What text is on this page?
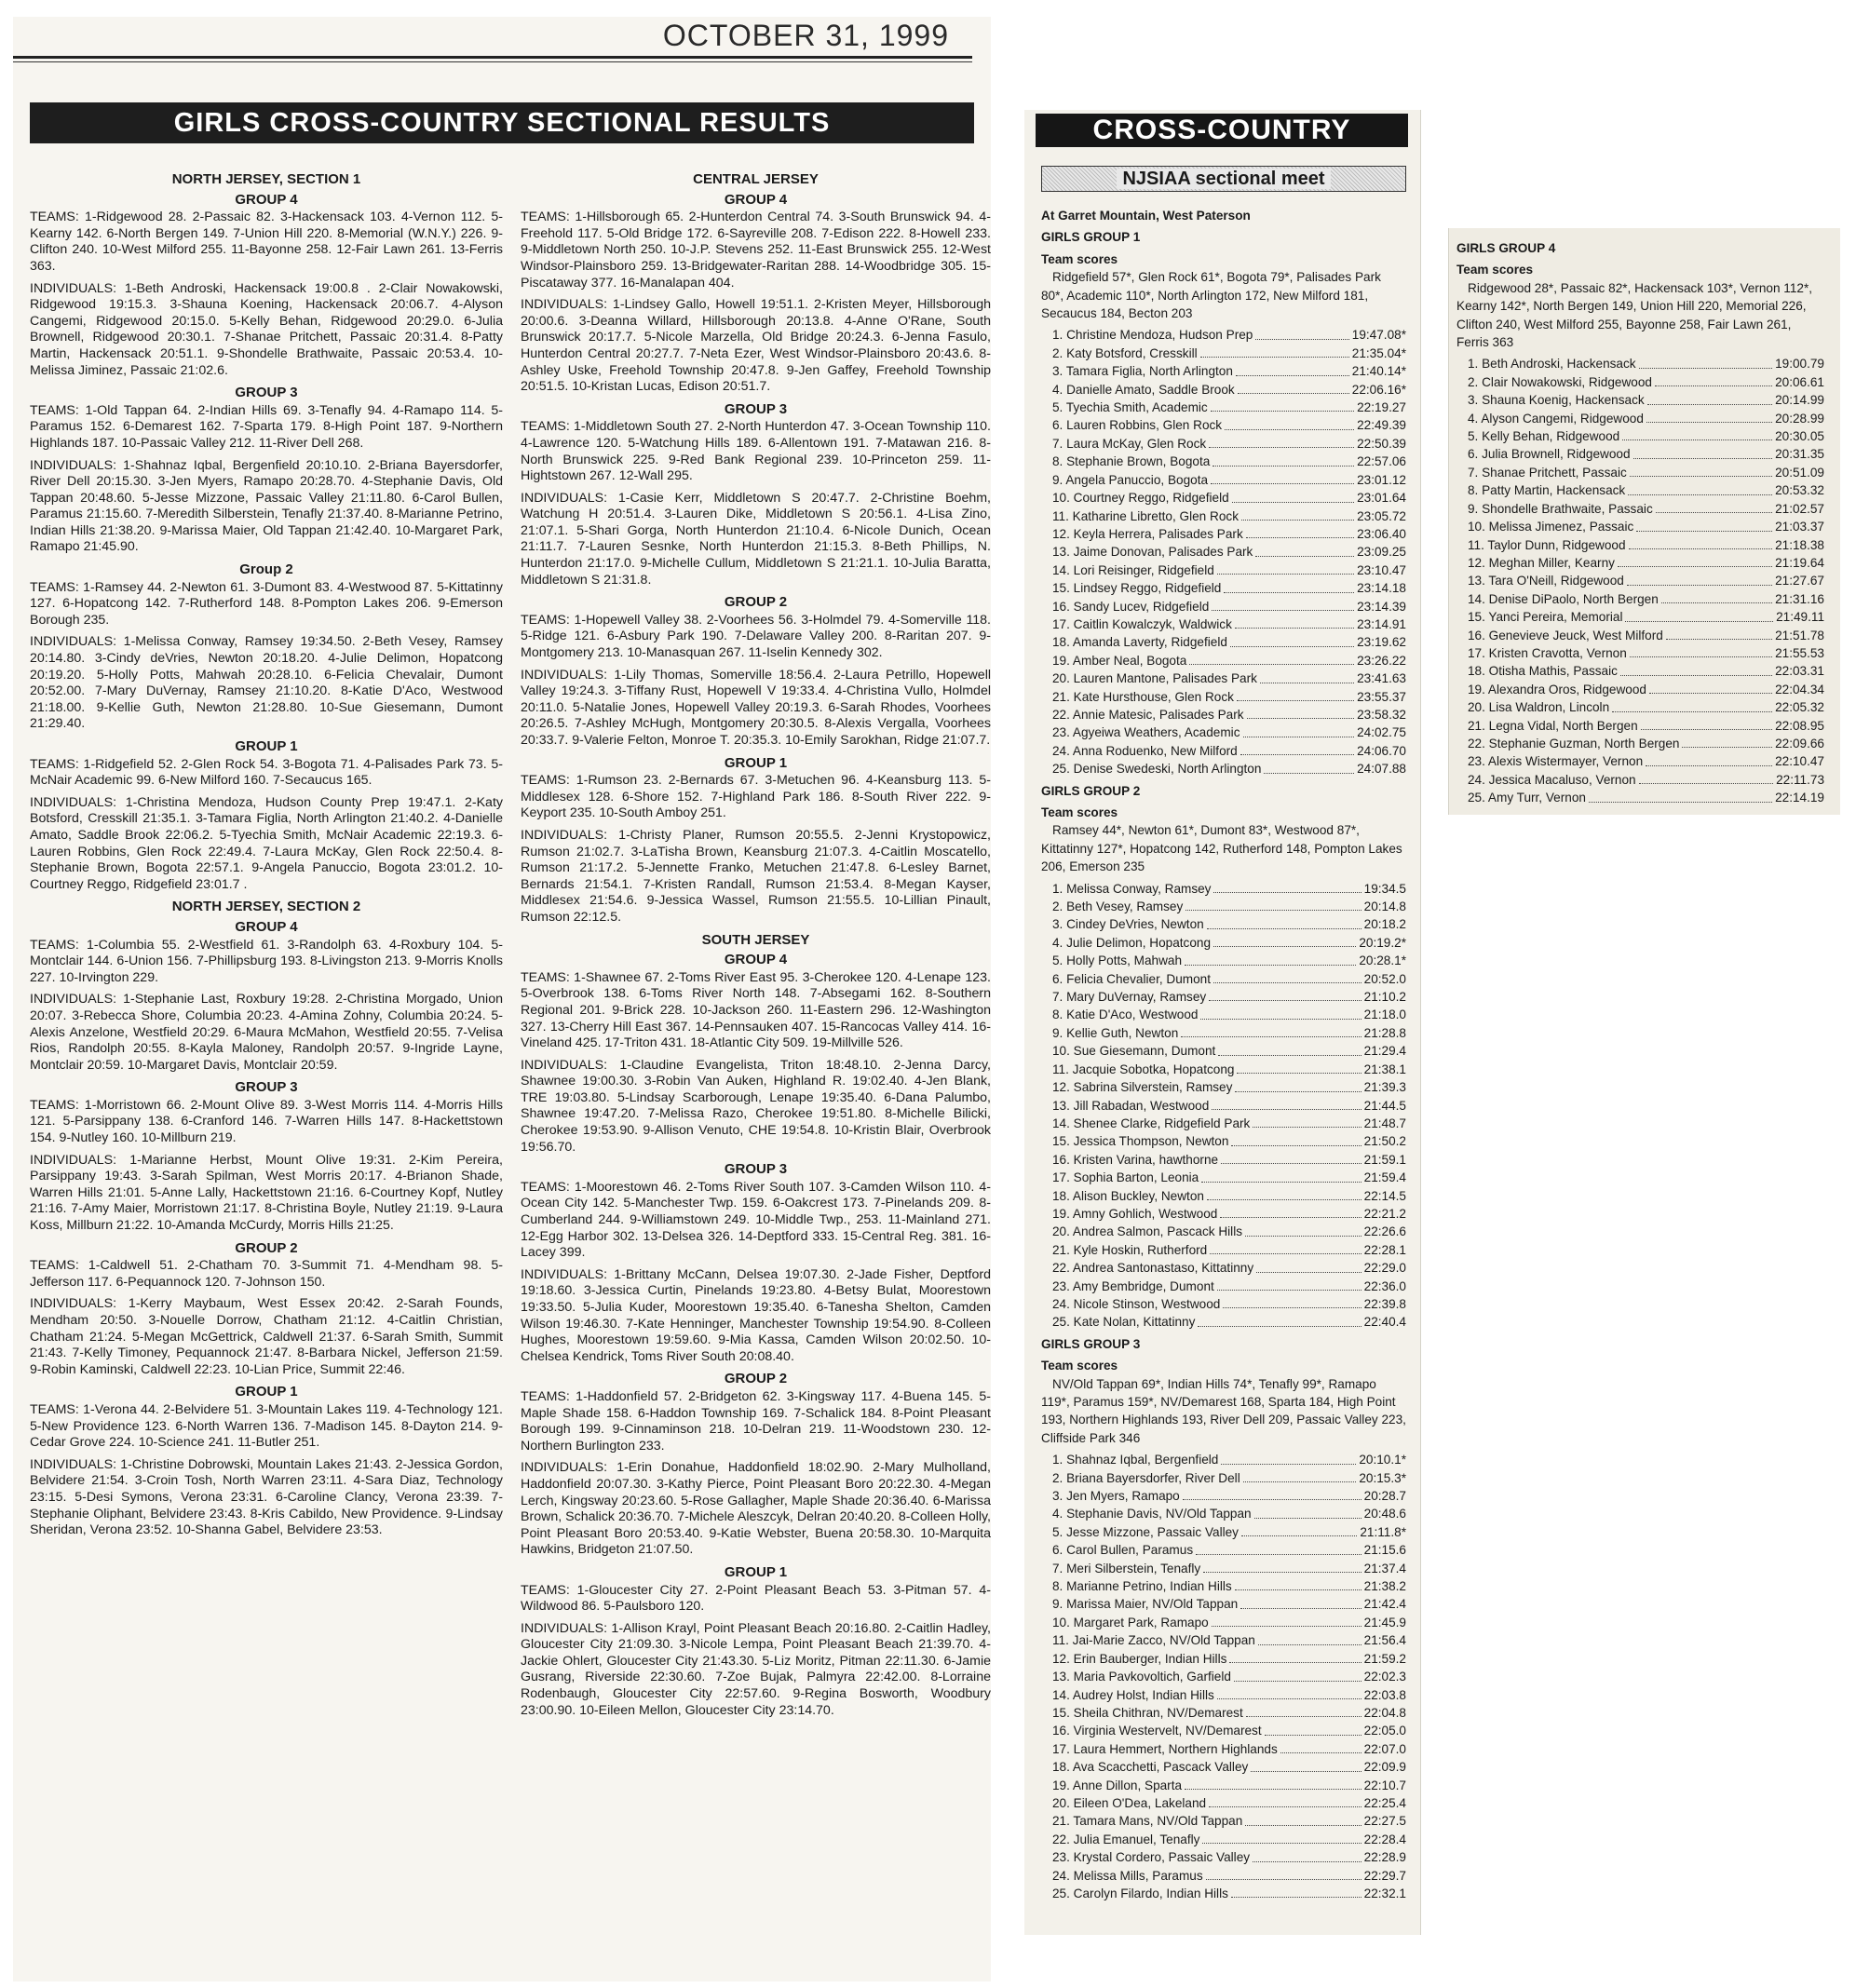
OCTOBER 31, 1999
GIRLS CROSS-COUNTRY SECTIONAL RESULTS
NORTH JERSEY, SECTION 1
GROUP 4
TEAMS: 1-Ridgewood 28. 2-Passaic 82. 3-Hackensack 103. 4-Vernon 112. 5-Kearny 142. 6-North Bergen 149. 7-Union Hill 220. 8-Memorial (W.N.Y.) 226. 9-Clifton 240. 10-West Milford 255. 11-Bayonne 258. 12-Fair Lawn 261. 13-Ferris 363.
INDIVIDUALS: 1-Beth Androski, Hackensack 19:00.8 . 2-Clair Nowakowski, Ridgewood 19:15.3. 3-Shauna Koening, Hackensack 20:06.7. 4-Alyson Cangemi, Ridgewood 20:15.0. 5-Kelly Behan, Ridgewood 20:29.0. 6-Julia Brownell, Ridgewood 20:30.1. 7-Shanae Pritchett, Passaic 20:31.4. 8-Patty Martin, Hackensack 20:51.1. 9-Shondelle Brathwaite, Passaic 20:53.4. 10-Melissa Jiminez, Passaic 21:02.6.
GROUP 3
TEAMS: 1-Old Tappan 64. 2-Indian Hills 69. 3-Tenafly 94. 4-Ramapo 114. 5-Paramus 152. 6-Demarest 162. 7-Sparta 179. 8-High Point 187. 9-Northern Highlands 187. 10-Passaic Valley 212. 11-River Dell 268.
INDIVIDUALS: 1-Shahnaz Iqbal, Bergenfield 20:10.10. 2-Briana Bayersdorfer, River Dell 20:15.30. 3-Jen Myers, Ramapo 20:28.70. 4-Stephanie Davis, Old Tappan 20:48.60. 5-Jesse Mizzone, Passaic Valley 21:11.80. 6-Carol Bullen, Paramus 21:15.60. 7-Meredith Silberstein, Tenafly 21:37.40. 8-Marianne Petrino, Indian Hills 21:38.20. 9-Marissa Maier, Old Tappan 21:42.40. 10-Margaret Park, Ramapo 21:45.90.
Group 2
TEAMS: 1-Ramsey 44. 2-Newton 61. 3-Dumont 83. 4-Westwood 87. 5-Kittatinny 127. 6-Hopatcong 142. 7-Rutherford 148. 8-Pompton Lakes 206. 9-Emerson Borough 235.
INDIVIDUALS: 1-Melissa Conway, Ramsey 19:34.50. 2-Beth Vesey, Ramsey 20:14.80. 3-Cindy deVries, Newton 20:18.20. 4-Julie Delimon, Hopatcong 20:19.20. 5-Holly Potts, Mahwah 20:28.10. 6-Felicia Chevalair, Dumont 20:52.00. 7-Mary DuVernay, Ramsey 21:10.20. 8-Katie D'Aco, Westwood 21:18.00. 9-Kellie Guth, Newton 21:28.80. 10-Sue Giesemann, Dumont 21:29.40.
GROUP 1
TEAMS: 1-Ridgefield 52. 2-Glen Rock 54. 3-Bogota 71. 4-Palisades Park 73. 5-McNair Academic 99. 6-New Milford 160. 7-Secaucus 165.
INDIVIDUALS: 1-Christina Mendoza, Hudson County Prep 19:47.1. 2-Katy Botsford, Cresskill 21:35.1. 3-Tamara Figlia, North Arlington 21:40.2. 4-Danielle Amato, Saddle Brook 22:06.2. 5-Tyechia Smith, McNair Academic 22:19.3. 6-Lauren Robbins, Glen Rock 22:49.4. 7-Laura McKay, Glen Rock 22:50.4. 8-Stephanie Brown, Bogota 22:57.1. 9-Angela Panuccio, Bogota 23:01.2. 10-Courtney Reggo, Ridgefield 23:01.7 .
NORTH JERSEY, SECTION 2
GROUP 4
TEAMS: 1-Columbia 55. 2-Westfield 61. 3-Randolph 63. 4-Roxbury 104. 5-Montclair 144. 6-Union 156. 7-Phillipsburg 193. 8-Livingston 213. 9-Morris Knolls 227. 10-Irvington 229.
INDIVIDUALS: 1-Stephanie Last, Roxbury 19:28. 2-Christina Morgado, Union 20:07. 3-Rebecca Shore, Columbia 20:23. 4-Amina Zohny, Columbia 20:24. 5-Alexis Anzelone, Westfield 20:29. 6-Maura McMahon, Westfield 20:55. 7-Velisa Rios, Randolph 20:55. 8-Kayla Maloney, Randolph 20:57. 9-Ingride Layne, Montclair 20:59. 10-Margaret Davis, Montclair 20:59.
GROUP 3
TEAMS: 1-Morristown 66. 2-Mount Olive 89. 3-West Morris 114. 4-Morris Hills 121. 5-Parsippany 138. 6-Cranford 146. 7-Warren Hills 147. 8-Hackettstown 154. 9-Nutley 160. 10-Millburn 219.
INDIVIDUALS: 1-Marianne Herbst, Mount Olive 19:31. 2-Kim Pereira, Parsippany 19:43. 3-Sarah Spilman, West Morris 20:17. 4-Brianon Shade, Warren Hills 21:01. 5-Anne Lally, Hackettstown 21:16. 6-Courtney Kopf, Nutley 21:16. 7-Amy Maier, Morristown 21:17. 8-Christina Boyle, Nutley 21:19. 9-Laura Koss, Millburn 21:22. 10-Amanda McCurdy, Morris Hills 21:25.
GROUP 2
TEAMS: 1-Caldwell 51. 2-Chatham 70. 3-Summit 71. 4-Mendham 98. 5-Jefferson 117. 6-Pequannock 120. 7-Johnson 150.
INDIVIDUALS: 1-Kerry Maybaum, West Essex 20:42. 2-Sarah Founds, Mendham 20:50. 3-Nouelle Dorrow, Chatham 21:12. 4-Caitlin Christian, Chatham 21:24. 5-Megan McGettrick, Caldwell 21:37. 6-Sarah Smith, Summit 21:43. 7-Kelly Timoney, Pequannock 21:47. 8-Barbara Nickel, Jefferson 21:59. 9-Robin Kaminski, Caldwell 22:23. 10-Lian Price, Summit 22:46.
GROUP 1
TEAMS: 1-Verona 44. 2-Belvidere 51. 3-Mountain Lakes 119. 4-Technology 121. 5-New Providence 123. 6-North Warren 136. 7-Madison 145. 8-Dayton 214. 9-Cedar Grove 224. 10-Science 241. 11-Butler 251.
INDIVIDUALS: 1-Christine Dobrowski, Mountain Lakes 21:43. 2-Jessica Gordon, Belvidere 21:54. 3-Croin Tosh, North Warren 23:11. 4-Sara Diaz, Technology 23:15. 5-Desi Symons, Verona 23:31. 6-Caroline Clancy, Verona 23:39. 7-Stephanie Oliphant, Belvidere 23:43. 8-Kris Cabildo, New Providence. 9-Lindsay Sheridan, Verona 23:52. 10-Shanna Gabel, Belvidere 23:53.
CENTRAL JERSEY
GROUP 4
TEAMS: 1-Hillsborough 65. 2-Hunterdon Central 74. 3-South Brunswick 94. 4-Freehold 117. 5-Old Bridge 172. 6-Sayreville 208. 7-Edison 222. 8-Howell 233. 9-Middletown North 250. 10-J.P. Stevens 252. 11-East Brunswick 255. 12-West Windsor-Plainsboro 259. 13-Bridgewater-Raritan 288. 14-Woodbridge 305. 15-Piscataway 377. 16-Manalapan 404.
INDIVIDUALS: 1-Lindsey Gallo, Howell 19:51.1. 2-Kristen Meyer, Hillsborough 20:00.6. 3-Deanna Willard, Hillsborough 20:13.8. 4-Anne O'Rane, South Brunswick 20:17.7. 5-Nicole Marzella, Old Bridge 20:24.3. 6-Jenna Fasulo, Hunterdon Central 20:27.7. 7-Neta Ezer, West Windsor-Plainsboro 20:43.6. 8-Ashley Uske, Freehold Township 20:47.8. 9-Jen Gaffey, Freehold Township 20:51.5. 10-Kristan Lucas, Edison 20:51.7.
GROUP 3
TEAMS: 1-Middletown South 27. 2-North Hunterdon 47. 3-Ocean Township 110. 4-Lawrence 120. 5-Watchung Hills 189. 6-Allentown 191. 7-Matawan 216. 8-North Brunswick 225. 9-Red Bank Regional 239. 10-Princeton 259. 11-Hightstown 267. 12-Wall 295.
INDIVIDUALS: 1-Casie Kerr, Middletown S 20:47.7. 2-Christine Boehm, Watchung H 20:51.4. 3-Lauren Dike, Middletown S 20:56.1. 4-Lisa Zino, 21:07.1. 5-Shari Gorga, North Hunterdon 21:10.4. 6-Nicole Dunich, Ocean 21:11.7. 7-Lauren Sesnke, North Hunterdon 21:15.3. 8-Beth Phillips, N. Hunterdon 21:17.0. 9-Michelle Cullum, Middletown S 21:21.1. 10-Julia Baratta, Middletown S 21:31.8.
GROUP 2
TEAMS: 1-Hopewell Valley 38. 2-Voorhees 56. 3-Holmdel 79. 4-Somerville 118. 5-Ridge 121. 6-Asbury Park 190. 7-Delaware Valley 200. 8-Raritan 207. 9-Montgomery 213. 10-Manasquan 267. 11-Iselin Kennedy 302.
INDIVIDUALS: 1-Lily Thomas, Somerville 18:56.4. 2-Laura Petrillo, Hopewell Valley 19:24.3. 3-Tiffany Rust, Hopewell V 19:33.4. 4-Christina Vullo, Holmdel 20:11.0. 5-Natalie Jones, Hopewell Valley 20:19.3. 6-Sarah Rhodes, Voorhees 20:26.5. 7-Ashley McHugh, Montgomery 20:30.5. 8-Alexis Vergalla, Voorhees 20:33.7. 9-Valerie Felton, Monroe T. 20:35.3. 10-Emily Sarokhan, Ridge 21:07.7.
GROUP 1
TEAMS: 1-Rumson 23. 2-Bernards 67. 3-Metuchen 96. 4-Keansburg 113. 5-Middlesex 128. 6-Shore 152. 7-Highland Park 186. 8-South River 222. 9-Keyport 235. 10-South Amboy 251.
INDIVIDUALS: 1-Christy Planer, Rumson 20:55.5. 2-Jenni Krystopowicz, Rumson 21:02.7. 3-LaTisha Brown, Keansburg 21:07.3. 4-Caitlin Moscatello, Rumson 21:17.2. 5-Jennette Franko, Metuchen 21:47.8. 6-Lesley Barnet, Bernards 21:54.1. 7-Kristen Randall, Rumson 21:53.4. 8-Megan Kayser, Middlesex 21:54.6. 9-Jessica Wassel, Rumson 21:55.5. 10-Lillian Pinault, Rumson 22:12.5.
SOUTH JERSEY
GROUP 4
TEAMS: 1-Shawnee 67. 2-Toms River East 95. 3-Cherokee 120. 4-Lenape 123. 5-Overbrook 138. 6-Toms River North 148. 7-Absegami 162. 8-Southern Regional 201. 9-Brick 228. 10-Jackson 260. 11-Eastern 296. 12-Washington 327. 13-Cherry Hill East 367. 14-Pennsauken 407. 15-Rancocas Valley 414. 16-Vineland 425. 17-Triton 431. 18-Atlantic City 509. 19-Millville 526.
INDIVIDUALS: 1-Claudine Evangelista, Triton 18:48.10. 2-Jenna Darcy, Shawnee 19:00.30. 3-Robin Van Auken, Highland R. 19:02.40. 4-Jen Blank, TRE 19:03.80. 5-Lindsay Scarborough, Lenape 19:35.40. 6-Dana Palumbo, Shawnee 19:47.20. 7-Melissa Razo, Cherokee 19:51.80. 8-Michelle Bilicki, Cherokee 19:53.90. 9-Allison Venuto, CHE 19:54.8. 10-Kristin Blair, Overbrook 19:56.70.
GROUP 3
TEAMS: 1-Moorestown 46. 2-Toms River South 107. 3-Camden Wilson 110. 4-Ocean City 142. 5-Manchester Twp. 159. 6-Oakcrest 173. 7-Pinelands 209. 8-Cumberland 244. 9-Williamstown 249. 10-Middle Twp., 253. 11-Mainland 271. 12-Egg Harbor 302. 13-Delsea 326. 14-Deptford 333. 15-Central Reg. 381. 16-Lacey 399.
INDIVIDUALS: 1-Brittany McCann, Delsea 19:07.30. 2-Jade Fisher, Deptford 19:18.60. 3-Jessica Curtin, Pinelands 19:23.80. 4-Betsy Bulat, Moorestown 19:33.50. 5-Julia Kuder, Moorestown 19:35.40. 6-Tanesha Shelton, Camden Wilson 19:46.30. 7-Kate Henninger, Manchester Township 19:54.90. 8-Colleen Hughes, Moorestown 19:59.60. 9-Mia Kassa, Camden Wilson 20:02.50. 10-Chelsea Kendrick, Toms River South 20:08.40.
GROUP 2
TEAMS: 1-Haddonfield 57. 2-Bridgeton 62. 3-Kingsway 117. 4-Buena 145. 5-Maple Shade 158. 6-Haddon Township 169. 7-Schalick 184. 8-Point Pleasant Borough 199. 9-Cinnaminson 218. 10-Delran 219. 11-Woodstown 230. 12-Northern Burlington 233.
INDIVIDUALS: 1-Erin Donahue, Haddonfield 18:02.90. 2-Mary Mulholland, Haddonfield 20:07.30. 3-Kathy Pierce, Point Pleasant Boro 20:22.30. 4-Megan Lerch, Kingsway 20:23.60. 5-Rose Gallagher, Maple Shade 20:36.40. 6-Marissa Brown, Schalick 20:36.70. 7-Michele Aleszcyk, Delran 20:40.20. 8-Colleen Holly, Point Pleasant Boro 20:53.40. 9-Katie Webster, Buena 20:58.30. 10-Marquita Hawkins, Bridgeton 21:07.50.
GROUP 1
TEAMS: 1-Gloucester City 27. 2-Point Pleasant Beach 53. 3-Pitman 57. 4-Wildwood 86. 5-Paulsboro 120.
INDIVIDUALS: 1-Allison Krayl, Point Pleasant Beach 20:16.80. 2-Caitlin Hadley, Gloucester City 21:09.30. 3-Nicole Lempa, Point Pleasant Beach 21:39.70. 4-Jackie Ohlert, Gloucester City 21:43.30. 5-Liz Moritz, Pitman 22:11.30. 6-Jamie Gusrang, Riverside 22:30.60. 7-Zoe Bujak, Palmyra 22:42.00. 8-Lorraine Rodenbaugh, Gloucester City 22:57.60. 9-Regina Bosworth, Woodbury 23:00.90. 10-Eileen Mellon, Gloucester City 23:14.70.
CROSS-COUNTRY
NJSIAA sectional meet
At Garret Mountain, West Paterson
GIRLS GROUP 1
Team scores
Ridgefield 57*, Glen Rock 61*, Bogota 79*, Palisades Park 80*, Academic 110*, North Arlington 172, New Milford 181, Secaucus 184, Becton 203
1. Christine Mendoza, Hudson Prep	19:47.08*
2. Katy Botsford, Cresskill	21:35.04*
3. Tamara Figlia, North Arlington	21:40.14*
4. Danielle Amato, Saddle Brook	22:06.16*
5. Tyechia Smith, Academic	22:19.27
6. Lauren Robbins, Glen Rock	22:49.39
7. Laura McKay, Glen Rock	22:50.39
8. Stephanie Brown, Bogota	22:57.06
9. Angela Panuccio, Bogota	23:01.12
10. Courtney Reggo, Ridgefield	23:01.64
11. Katharine Libretto, Glen Rock	23:05.72
12. Keyla Herrera, Palisades Park	23:06.40
13. Jaime Donovan, Palisades Park	23:09.25
14. Lori Reisinger, Ridgefield	23:10.47
15. Lindsey Reggo, Ridgefield	23:14.18
16. Sandy Lucev, Ridgefield	23:14.39
17. Caitlin Kowalczyk, Waldwick	23:14.91
18. Amanda Laverty, Ridgefield	23:19.62
19. Amber Neal, Bogota	23:26.22
20. Lauren Mantone, Palisades Park	23:41.63
21. Kate Hursthouse, Glen Rock	23:55.37
22. Annie Matesic, Palisades Park	23:58.32
23. Agyeiwa Weathers, Academic	24:02.75
24. Anna Roduenko, New Milford	24:06.70
25. Denise Swedeski, North Arlington	24:07.88
GIRLS GROUP 2
Team scores
Ramsey 44*, Newton 61*, Dumont 83*, Westwood 87*, Kittatinny 127*, Hopatcong 142, Rutherford 148, Pompton Lakes 206, Emerson 235
1. Melissa Conway, Ramsey	19:34.5
2. Beth Vesey, Ramsey	20:14.8
3. Cindey DeVries, Newton	20:18.2
4. Julie Delimon, Hopatcong	20:19.2*
5. Holly Potts, Mahwah	20:28.1*
6. Felicia Chevalier, Dumont	20:52.0
7. Mary DuVernay, Ramsey	21:10.2
8. Katie D'Aco, Westwood	21:18.0
9. Kellie Guth, Newton	21:28.8
10. Sue Giesemann, Dumont	21:29.4
11. Jacquie Sobotka, Hopatcong	21:38.1
12. Sabrina Silverstein, Ramsey	21:39.3
13. Jill Rabadan, Westwood	21:44.5
14. Shenee Clarke, Ridgefield Park	21:48.7
15. Jessica Thompson, Newton	21:50.2
16. Kristen Varina, hawthorne	21:59.1
17. Sophia Barton, Leonia	21:59.4
18. Alison Buckley, Newton	22:14.5
19. Amny Gohlich, Westwood	22:21.2
20. Andrea Salmon, Pascack Hills	22:26.6
21. Kyle Hoskin, Rutherford	22:28.1
22. Andrea Santonastaso, Kittatinny	22:29.0
23. Amy Bembridge, Dumont	22:36.0
24. Nicole Stinson, Westwood	22:39.8
25. Kate Nolan, Kittatinny	22:40.4
GIRLS GROUP 3
Team scores
NV/Old Tappan 69*, Indian Hills 74*, Tenafly 99*, Ramapo 119*, Paramus 159*, NV/Demarest 168, Sparta 184, High Point 193, Northern Highlands 193, River Dell 209, Passaic Valley 223, Cliffside Park 346
1. Shahnaz Iqbal, Bergenfield	20:10.1*
2. Briana Bayersdorfer, River Dell	20:15.3*
3. Jen Myers, Ramapo	20:28.7
4. Stephanie Davis, NV/Old Tappan	20:48.6
5. Jesse Mizzone, Passaic Valley	21:11.8*
6. Carol Bullen, Paramus	21:15.6
7. Meri Silberstein, Tenafly	21:37.4
8. Marianne Petrino, Indian Hills	21:38.2
9. Marissa Maier, NV/Old Tappan	21:42.4
10. Margaret Park, Ramapo	21:45.9
11. Jai-Marie Zacco, NV/Old Tappan	21:56.4
12. Erin Bauberger, Indian Hills	21:59.2
13. Maria Pavkovoltich, Garfield	22:02.3
14. Audrey Holst, Indian Hills	22:03.8
15. Sheila Chithran, NV/Demarest	22:04.8
16. Virginia Westervelt, NV/Demarest	22:05.0
17. Laura Hemmert, Northern Highlands	22:07.0
18. Ava Scacchetti, Pascack Valley	22:09.9
19. Anne Dillon, Sparta	22:10.7
20. Eileen O'Dea, Lakeland	22:25.4
21. Tamara Mans, NV/Old Tappan	22:27.5
22. Julia Emanuel, Tenafly	22:28.4
23. Krystal Cordero, Passaic Valley	22:28.9
24. Melissa Mills, Paramus	22:29.7
25. Carolyn Filardo, Indian Hills	22:32.1
GIRLS GROUP 4
Team scores
Ridgewood 28*, Passaic 82*, Hackensack 103*, Vernon 112*, Kearny 142*, North Bergen 149, Union Hill 220, Memorial 226, Clifton 240, West Milford 255, Bayonne 258, Fair Lawn 261, Ferris 363
1. Beth Androski, Hackensack	19:00.79
2. Clair Nowakowski, Ridgewood	20:06.61
3. Shauna Koenig, Hackensack	20:14.99
4. Alyson Cangemi, Ridgewood	20:28.99
5. Kelly Behan, Ridgewood	20:30.05
6. Julia Brownell, Ridgewood	20:31.35
7. Shanae Pritchett, Passaic	20:51.09
8. Patty Martin, Hackensack	20:53.32
9. Shondelle Brathwaite, Passaic	21:02.57
10. Melissa Jimenez, Passaic	21:03.37
11. Taylor Dunn, Ridgewood	21:18.38
12. Meghan Miller, Kearny	21:19.64
13. Tara O'Neill, Ridgewood	21:27.67
14. Denise DiPaolo, North Bergen	21:31.16
15. Yanci Pereira, Memorial	21:49.11
16. Genevieve Jeuck, West Milford	21:51.78
17. Kristen Cravotta, Vernon	21:55.53
18. Otisha Mathis, Passaic	22:03.31
19. Alexandra Oros, Ridgewood	22:04.34
20. Lisa Waldron, Lincoln	22:05.32
21. Legna Vidal, North Bergen	22:08.95
22. Stephanie Guzman, North Bergen	22:09.66
23. Alexis Wistermayer, Vernon	22:10.47
24. Jessica Macaluso, Vernon	22:11.73
25. Amy Turr, Vernon	22:14.19
